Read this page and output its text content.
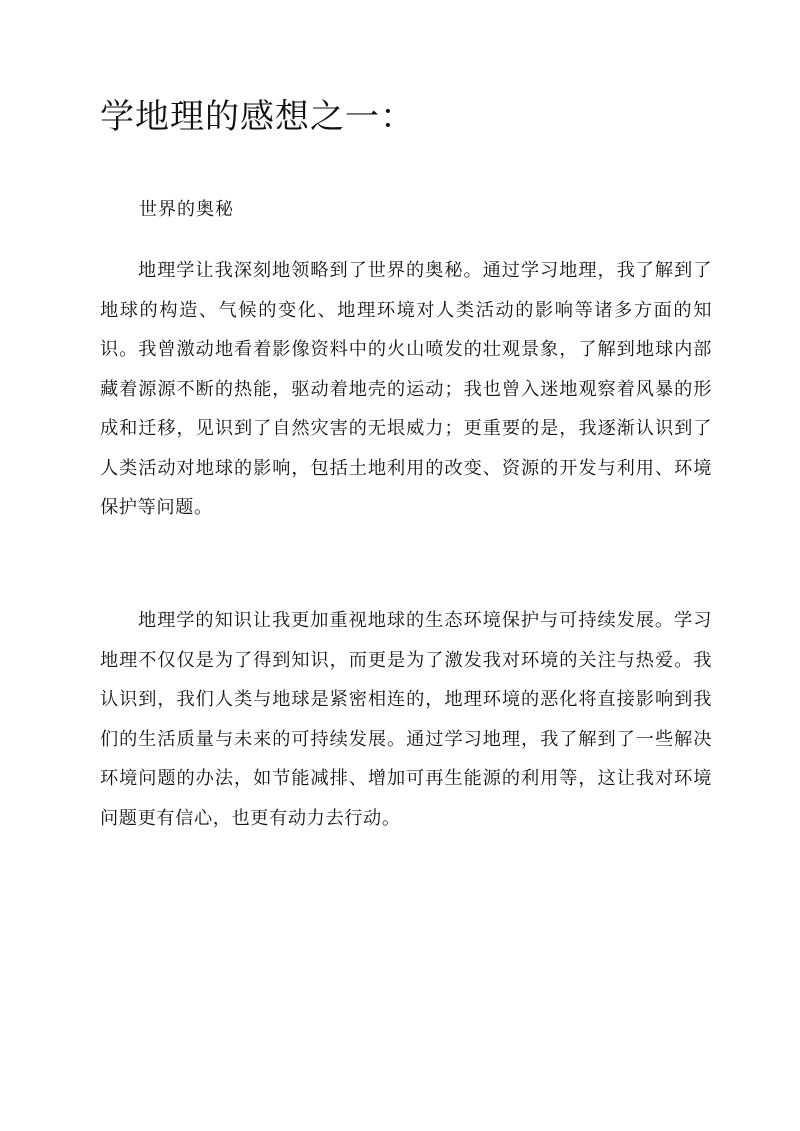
学地理的感想之一：

世界的奥秘

地理学让我深刻地领略到了世界的奥秘。通过学习地理，我了解到了地球的构造、气候的变化、地理环境对人类活动的影响等诸多方面的知识。我曾激动地看着影像资料中的火山喷发的壮观景象，了解到地球内部藏着源源不断的热能，驱动着地壳的运动；我也曾入迷地观察着风暴的形成和迁移，见识到了自然灾害的无垠威力；更重要的是，我逐渐认识到了人类活动对地球的影响，包括土地利用的改变、资源的开发与利用、环境保护等问题。

地理学的知识让我更加重视地球的生态环境保护与可持续发展。学习地理不仅仅是为了得到知识，而更是为了激发我对环境的关注与热爱。我认识到，我们人类与地球是紧密相连的，地理环境的恶化将直接影响到我们的生活质量与未来的可持续发展。通过学习地理，我了解到了一些解决环境问题的办法，如节能减排、增加可再生能源的利用等，这让我对环境问题更有信心，也更有动力去行动。
